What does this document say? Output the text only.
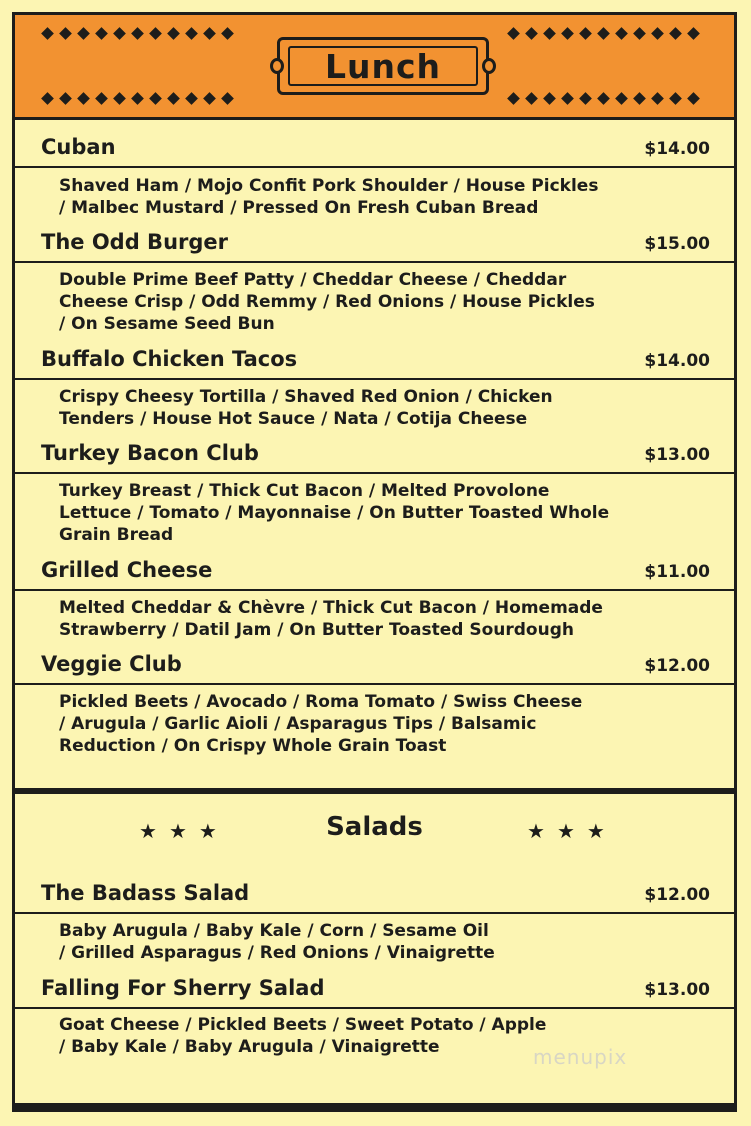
Lunch
Cuban	$14.00
Shaved Ham / Mojo Confit Pork Shoulder / House Pickles
/ Malbec Mustard / Pressed On Fresh Cuban Bread
The Odd Burger	$15.00
Double Prime Beef Patty / Cheddar Cheese / Cheddar
Cheese Crisp / Odd Remmy / Red Onions / House Pickles
/ On Sesame Seed Bun
Buffalo Chicken Tacos	$14.00
Crispy Cheesy Tortilla / Shaved Red Onion / Chicken
Tenders / House Hot Sauce / Nata / Cotija Cheese
Turkey Bacon Club	$13.00
Turkey Breast / Thick Cut Bacon / Melted Provolone
Lettuce / Tomato / Mayonnaise / On Butter Toasted Whole
Grain Bread
Grilled Cheese	$11.00
Melted Cheddar & Chèvre / Thick Cut Bacon / Homemade
Strawberry / Datil Jam / On Butter Toasted Sourdough
Veggie Club	$12.00
Pickled Beets / Avocado / Roma Tomato / Swiss Cheese
/ Arugula / Garlic Aioli / Asparagus Tips / Balsamic
Reduction / On Crispy Whole Grain Toast
★★★	Salads	★★★
The Badass Salad	$12.00
Baby Arugula / Baby Kale / Corn / Sesame Oil
/ Grilled Asparagus / Red Onions / Vinaigrette
Falling For Sherry Salad	$13.00
Goat Cheese / Pickled Beets / Sweet Potato / Apple
/ Baby Kale / Baby Arugula / Vinaigrette	menupix
